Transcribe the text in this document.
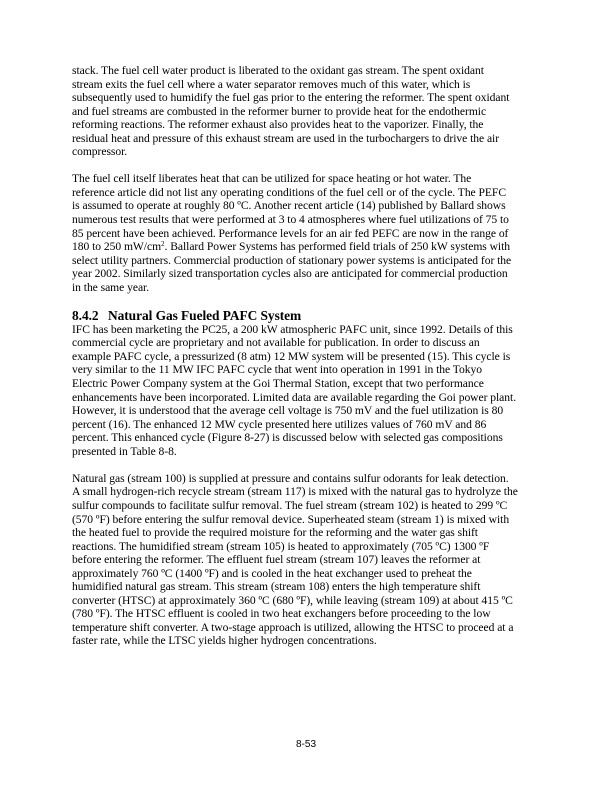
stack. The fuel cell water product is liberated to the oxidant gas stream. The spent oxidant
stream exits the fuel cell where a water separator removes much of this water, which is
subsequently used to humidify the fuel gas prior to the entering the reformer. The spent oxidant
and fuel streams are combusted in the reformer burner to provide heat for the endothermic
reforming reactions. The reformer exhaust also provides heat to the vaporizer. Finally, the
residual heat and pressure of this exhaust stream are used in the turbochargers to drive the air
compressor.

The fuel cell itself liberates heat that can be utilized for space heating or hot water. The
reference article did not list any operating conditions of the fuel cell or of the cycle. The PEFC
is assumed to operate at roughly 80 ºC. Another recent article (14) published by Ballard shows
numerous test results that were performed at 3 to 4 atmospheres where fuel utilizations of 75 to
85 percent have been achieved. Performance levels for an air fed PEFC are now in the range of
180 to 250 $mW/cm^2$. Ballard Power Systems has performed field trials of 250 kW systems with
select utility partners. Commercial production of stationary power systems is anticipated for the
year 2002. Similarly sized transportation cycles also are anticipated for commercial production
in the same year.

8.4.2 Natural Gas Fueled PAFC System

IFC has been marketing the PC25, a 200 kW atmospheric PAFC unit, since 1992. Details of this
commercial cycle are proprietary and not available for publication. In order to discuss an
example PAFC cycle, a pressurized (8 atm) 12 MW system will be presented (15). This cycle is
very similar to the 11 MW IFC PAFC cycle that went into operation in 1991 in the Tokyo
Electric Power Company system at the Goi Thermal Station, except that two performance
enhancements have been incorporated. Limited data are available regarding the Goi power plant.
However, it is understood that the average cell voltage is 750 mV and the fuel utilization is 80
percent (16). The enhanced 12 MW cycle presented here utilizes values of 760 mV and 86
percent. This enhanced cycle (Figure 8-27) is discussed below with selected gas compositions
presented in Table 8-8.

Natural gas (stream 100) is supplied at pressure and contains sulfur odorants for leak detection.
A small hydrogen-rich recycle stream (stream 117) is mixed with the natural gas to hydrolyze the
sulfur compounds to facilitate sulfur removal. The fuel stream (stream 102) is heated to 299 ºC
(570 ºF) before entering the sulfur removal device. Superheated steam (stream 1) is mixed with
the heated fuel to provide the required moisture for the reforming and the water gas shift
reactions. The humidified stream (stream 105) is heated to approximately (705 ºC) 1300 ºF
before entering the reformer. The effluent fuel stream (stream 107) leaves the reformer at
approximately 760 ºC (1400 ºF) and is cooled in the heat exchanger used to preheat the
humidified natural gas stream. This stream (stream 108) enters the high temperature shift
converter (HTSC) at approximately 360 ºC (680 ºF), while leaving (stream 109) at about 415 ºC
(780 ºF). The HTSC effluent is cooled in two heat exchangers before proceeding to the low
temperature shift converter. A two-stage approach is utilized, allowing the HTSC to proceed at a
faster rate, while the LTSC yields higher hydrogen concentrations.

8-53
